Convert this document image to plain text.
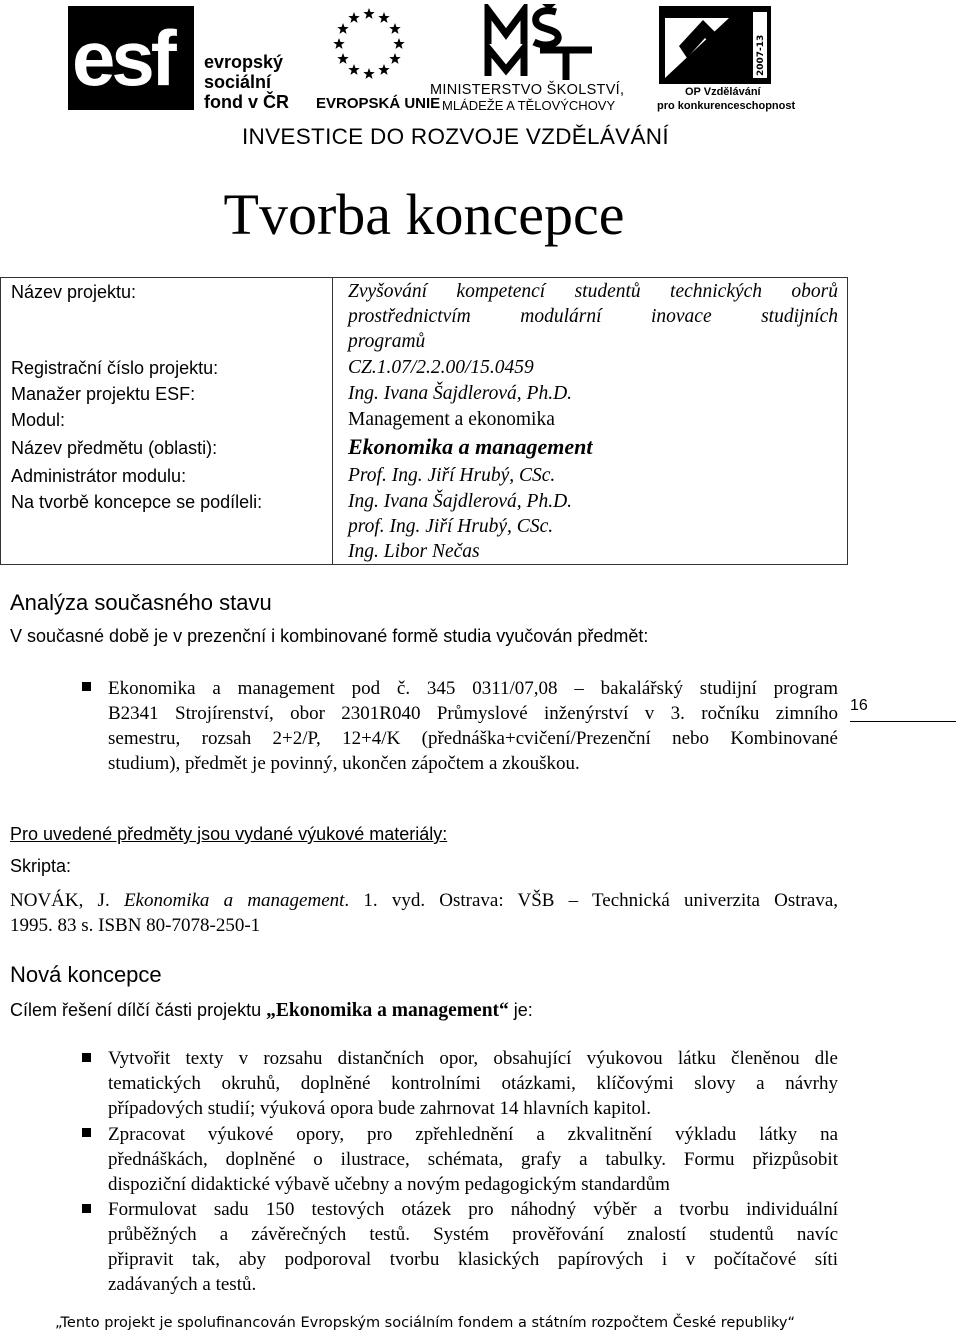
esf evropský
sociální
fond v ČR EVROPSKÁ UNIE
MINISTERSTVO ŠKOLSTVÍ,
MLÁDEŽE A TĚLOVÝCHOVY
2007-13
OP Vzdělávání
pro konkurenceschopnost
INVESTICE DO ROZVOJE VZDĚLÁVÁNÍ
Tvorba koncepce
Název projektu:	Zvyšování kompetencí studentů technických oborů
prostřednictvím modulární inovace studijních
programů
Registrační číslo projektu:	CZ.1.07/2.2.00/15.0459
Manažer projektu ESF:	Ing. Ivana Šajdlerová, Ph.D.
Modul:	Management a ekonomika
Název předmětu (oblasti):	Ekonomika a management
Administrátor modulu:	Prof. Ing. Jiří Hrubý, CSc.
Na tvorbě koncepce se podíleli:	Ing. Ivana Šajdlerová, Ph.D.
prof. Ing. Jiří Hrubý, CSc.
Ing. Libor Nečas
Analýza současného stavu
V současné době je v prezenční i kombinované formě studia vyučován předmět:
Ekonomika a management pod č. 345 0311/07,08 – bakalářský studijní program
B2341 Strojírenství, obor 2301R040 Průmyslové inženýrství v 3. ročníku zimního
semestru, rozsah 2+2/P, 12+4/K (přednáška+cvičení/Prezenční nebo Kombinované
studium), předmět je povinný, ukončen zápočtem a zkouškou.
16
Pro uvedené předměty jsou vydané výukové materiály:
Skripta:
NOVÁK, J. Ekonomika a management. 1. vyd. Ostrava: VŠB – Technická univerzita Ostrava,
1995. 83 s. ISBN 80-7078-250-1
Nová koncepce
Cílem řešení dílčí části projektu „Ekonomika a management“ je:
Vytvořit texty v rozsahu distančních opor, obsahující výukovou látku členěnou dle
tematických okruhů, doplněné kontrolními otázkami, klíčovými slovy a návrhy
případových studií; výuková opora bude zahrnovat 14 hlavních kapitol.
Zpracovat výukové opory, pro zpřehlednění a zkvalitnění výkladu látky na
přednáškách, doplněné o ilustrace, schémata, grafy a tabulky. Formu přizpůsobit
dispoziční didaktické výbavě učebny a novým pedagogickým standardům
Formulovat sadu 150 testových otázek pro náhodný výběr a tvorbu individuální
průběžných a závěrečných testů. Systém prověřování znalostí studentů navíc
připravit tak, aby podporoval tvorbu klasických papírových i v počítačové síti
zadávaných a testů.
„Tento projekt je spolufinancován Evropským sociálním fondem a státním rozpočtem České republiky“
